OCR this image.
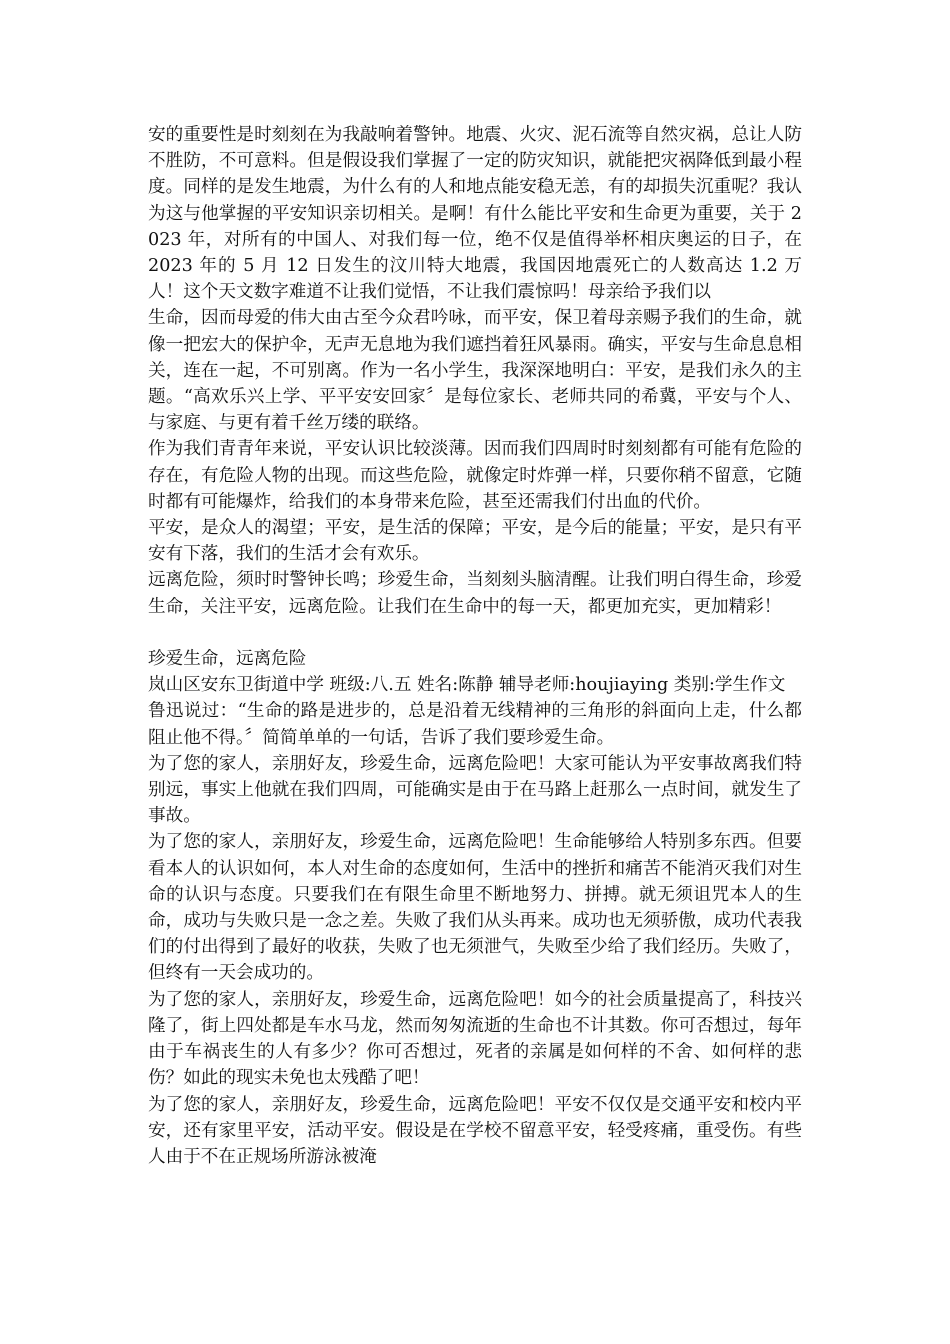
安的重要性是时刻刻在为我敲响着警钟。地震、火灾、泥石流等自然灾祸，总让人防不胜防，不可意料。但是假设我们掌握了一定的防灾知识，就能把灾祸降低到最小程度。同样的是发生地震，为什么有的人和地点能安稳无恙，有的却损失沉重呢？我认为这与他掌握的平安知识亲切相关。是啊！有什么能比平安和生命更为重要，关于 2023 年，对所有的中国人、对我们每一位，绝不仅是值得举杯相庆奥运的日子，在 2023 年的 5 月 12 日发生的汶川特大地震，我国因地震死亡的人数高达 1.2 万人！这个天文数字难道不让我们觉悟，不让我们震惊吗！母亲给予我们以

生命，因而母爱的伟大由古至今众君吟咏，而平安，保卫着母亲赐予我们的生命，就像一把宏大的保护伞，无声无息地为我们遮挡着狂风暴雨。确实，平安与生命息息相关，连在一起，不可别离。作为一名小学生，我深深地明白：平安，是我们永久的主题。“高欢乐兴上学、平平安安回家〞是每位家长、老师共同的希冀，平安与个人、与家庭、与更有着千丝万缕的联络。

作为我们青青年来说，平安认识比较淡薄。因而我们四周时时刻刻都有可能有危险的存在，有危险人物的出现。而这些危险，就像定时炸弹一样，只要你稍不留意，它随时都有可能爆炸，给我们的本身带来危险，甚至还需我们付出血的代价。

平安，是众人的渴望；平安，是生活的保障；平安，是今后的能量；平安，是只有平安有下落，我们的生活才会有欢乐。

远离危险，须时时警钟长鸣；珍爱生命，当刻刻头脑清醒。让我们明白得生命，珍爱生命，关注平安，远离危险。让我们在生命中的每一天，都更加充实，更加精彩！

珍爱生命，远离危险

岚山区安东卫街道中学 班级:八.五 姓名:陈静 辅导老师:houjiaying 类别:学生作文

鲁迅说过：“生命的路是进步的，总是沿着无线精神的三角形的斜面向上走，什么都阻止他不得。〞简简单单的一句话，告诉了我们要珍爱生命。

为了您的家人，亲朋好友，珍爱生命，远离危险吧！大家可能认为平安事故离我们特别远，事实上他就在我们四周，可能确实是由于在马路上赶那么一点时间，就发生了事故。

为了您的家人，亲朋好友，珍爱生命，远离危险吧！生命能够给人特别多东西。但要看本人的认识如何，本人对生命的态度如何，生活中的挫折和痛苦不能消灭我们对生命的认识与态度。只要我们在有限生命里不断地努力、拼搏。就无须诅咒本人的生命，成功与失败只是一念之差。失败了我们从头再来。成功也无须骄傲，成功代表我们的付出得到了最好的收获，失败了也无须泄气，失败至少给了我们经历。失败了，但终有一天会成功的。

为了您的家人，亲朋好友，珍爱生命，远离危险吧！如今的社会质量提高了，科技兴隆了，街上四处都是车水马龙，然而匆匆流逝的生命也不计其数。你可否想过，每年由于车祸丧生的人有多少？你可否想过，死者的亲属是如何样的不舍、如何样的悲伤？如此的现实未免也太残酷了吧！

为了您的家人，亲朋好友，珍爱生命，远离危险吧！平安不仅仅是交通平安和校内平安，还有家里平安，活动平安。假设是在学校不留意平安，轻受疼痛，重受伤。有些人由于不在正规场所游泳被淹
